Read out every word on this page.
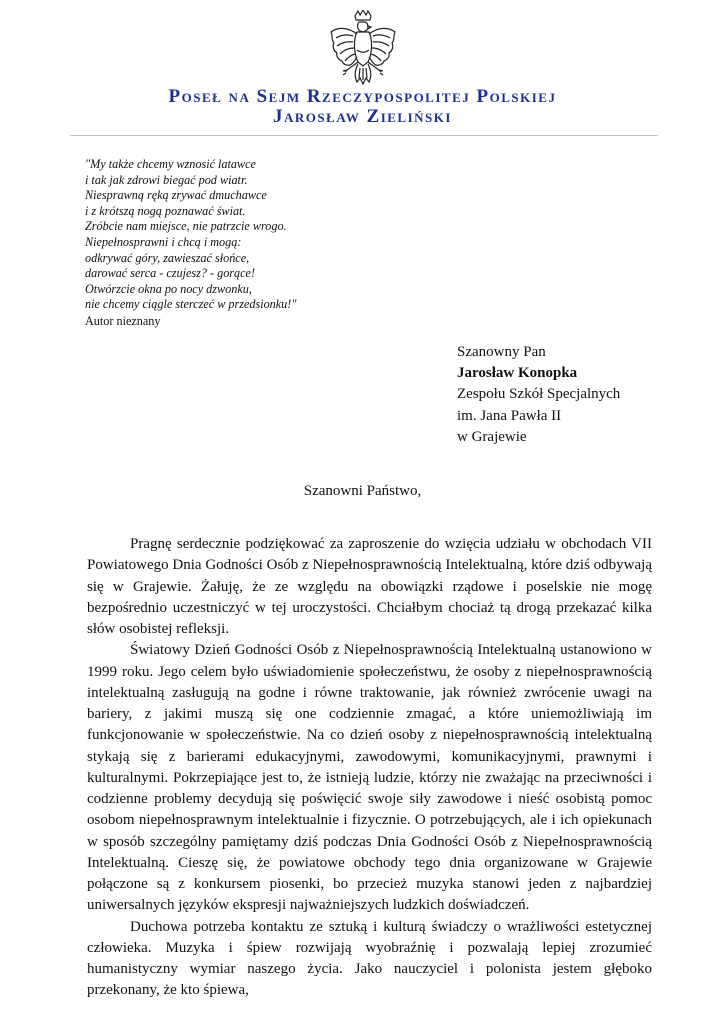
Poseł na Sejm Rzeczypospolitej Polskiej
Jarosław Zieliński
"My także chcemy wznosić latawce
i tak jak zdrowi biegać pod wiatr.
Niesprawną ręką zrywać dmuchawce
i z krótszą nogą poznawać świat.
Zróbcie nam miejsce, nie patrzcie wrogo.
Niepełnosprawni i chcą i mogą:
odkrywać góry, zawieszać słońce,
darować serca - czujesz? - gorące!
Otwórzcie okna po nocy dzwonku,
nie chcemy ciągle sterczeć w przedsionku!"
Autor nieznany
Szanowny Pan
Jarosław Konopka
Zespołu Szkół Specjalnych
im. Jana Pawła II
w Grajewie
Szanowni Państwo,

Pragnę serdecznie podziękować za zaproszenie do wzięcia udziału w obchodach VII Powiatowego Dnia Godności Osób z Niepełnosprawnością Intelektualną, które dziś odbywają się w Grajewie. Żałuję, że ze względu na obowiązki rządowe i poselskie nie mogę bezpośrednio uczestniczyć w tej uroczystości. Chciałbym chociaż tą drogą przekazać kilka słów osobistej refleksji.

Światowy Dzień Godności Osób z Niepełnosprawnością Intelektualną ustanowiono w 1999 roku. Jego celem było uświadomienie społeczeństwu, że osoby z niepełnosprawnością intelektualną zasługują na godne i równe traktowanie, jak również zwrócenie uwagi na bariery, z jakimi muszą się one codziennie zmagać, a które uniemożliwiają im funkcjonowanie w społeczeństwie. Na co dzień osoby z niepełnosprawnością intelektualną stykają się z barierami edukacyjnymi, zawodowymi, komunikacyjnymi, prawnymi i kulturalnymi. Pokrzepiające jest to, że istnieją ludzie, którzy nie zważając na przeciwności i codzienne problemy decydują się poświęcić swoje siły zawodowe i nieść osobistą pomoc osobom niepełnosprawnym intelektualnie i fizycznie. O potrzebujących, ale i ich opiekunach w sposób szczególny pamiętamy dziś podczas Dnia Godności Osób z Niepełnosprawnością Intelektualną. Cieszę się, że powiatowe obchody tego dnia organizowane w Grajewie połączone są z konkursem piosenki, bo przecież muzyka stanowi jeden z najbardziej uniwersalnych języków ekspresji najważniejszych ludzkich doświadczeń.

Duchowa potrzeba kontaktu ze sztuką i kulturą świadczy o wrażliwości estetycznej człowieka. Muzyka i śpiew rozwijają wyobraźnię i pozwalają lepiej zrozumieć humanistyczny wymiar naszego życia. Jako nauczyciel i polonista jestem głęboko przekonany, że kto śpiewa,
